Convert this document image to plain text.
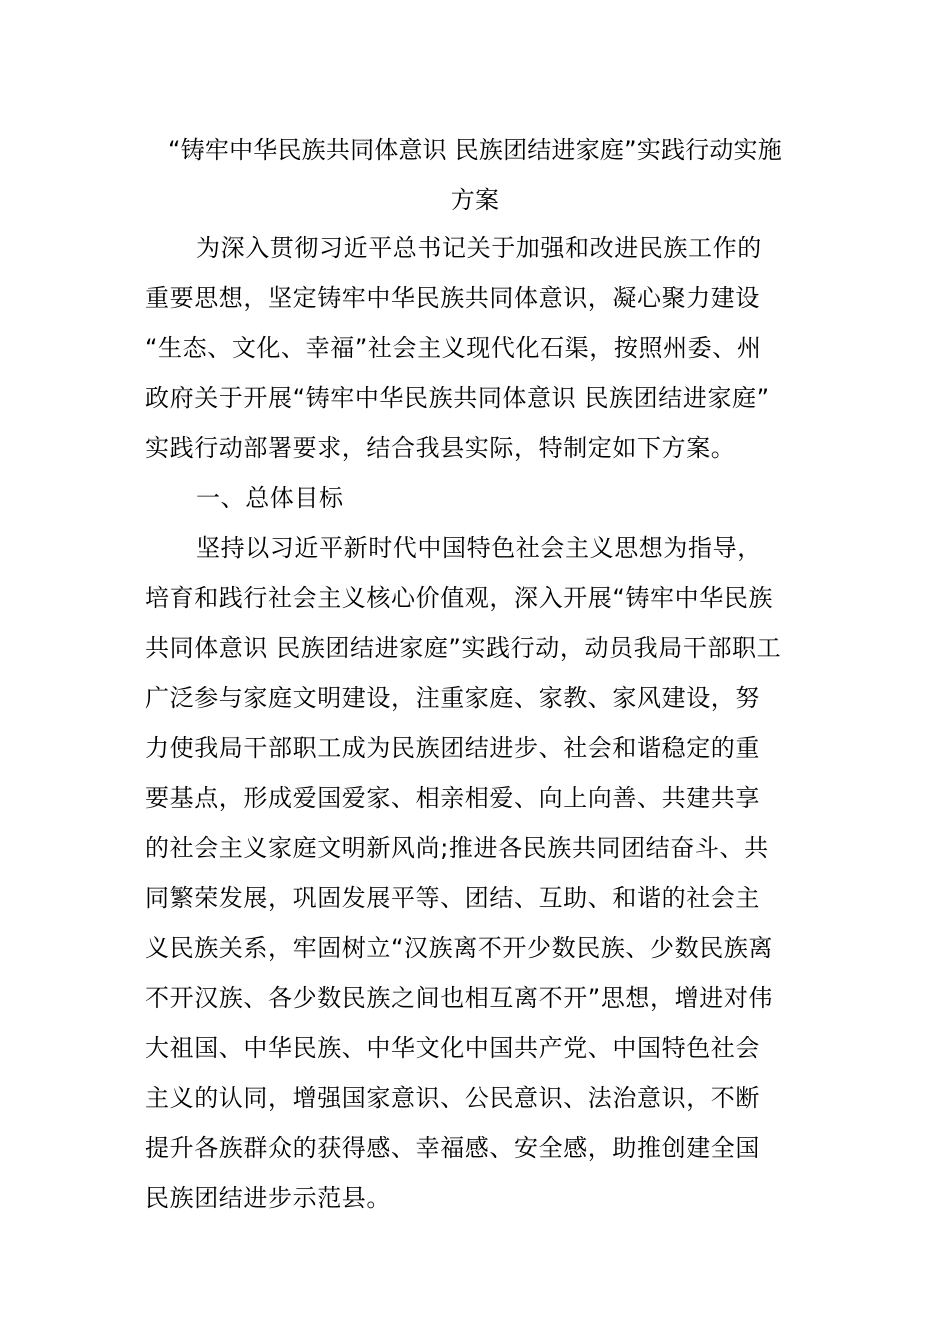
“铸牢中华民族共同体意识 民族团结进家庭”实践行动实施
方案
为深入贯彻习近平总书记关于加强和改进民族工作的
重要思想，坚定铸牢中华民族共同体意识，凝心聚力建设
“生态、文化、幸福”社会主义现代化石渠，按照州委、州
政府关于开展“铸牢中华民族共同体意识 民族团结进家庭”
实践行动部署要求，结合我县实际，特制定如下方案。
一、总体目标
坚持以习近平新时代中国特色社会主义思想为指导，
培育和践行社会主义核心价值观，深入开展“铸牢中华民族
共同体意识 民族团结进家庭”实践行动，动员我局干部职工
广泛参与家庭文明建设，注重家庭、家教、家风建设，努
力使我局干部职工成为民族团结进步、社会和谐稳定的重
要基点，形成爱国爱家、相亲相爱、向上向善、共建共享
的社会主义家庭文明新风尚;推进各民族共同团结奋斗、共
同繁荣发展，巩固发展平等、团结、互助、和谐的社会主
义民族关系，牢固树立“汉族离不开少数民族、少数民族离
不开汉族、各少数民族之间也相互离不开”思想，增进对伟
大祖国、中华民族、中华文化中国共产党、中国特色社会
主义的认同，增强国家意识、公民意识、法治意识，不断
提升各族群众的获得感、幸福感、安全感，助推创建全国
民族团结进步示范县。
